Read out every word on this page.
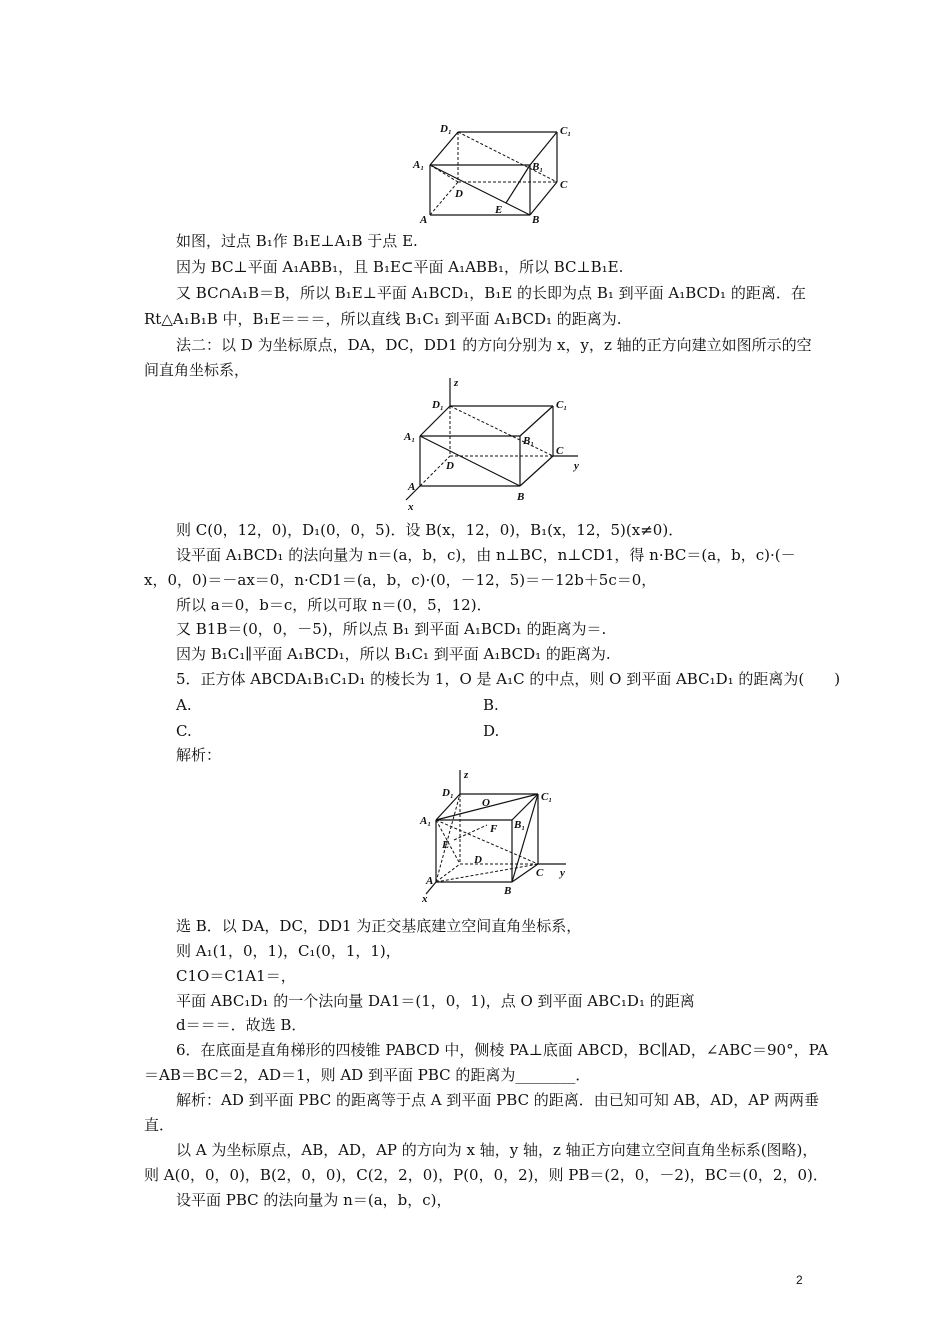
D₁	C₁
A₁	B₁
C
D
A
E
B
如图，过点 B₁作 B₁E⊥A₁B 于点 E.
因为 BC⊥平面 A₁ABB₁，且 B₁E⊂平面 A₁ABB₁，所以 BC⊥B₁E.
又 BC∩A₁B＝B，所以 B₁E⊥平面 A₁BCD₁，B₁E 的长即为点 B₁ 到平面 A₁BCD₁ 的距离．在
Rt△A₁B₁B 中，B₁E＝＝＝，所以直线 B₁C₁ 到平面 A₁BCD₁ 的距离为.
法二：以 D 为坐标原点，DA，DC，DD1 的方向分别为 x，y，z 轴的正方向建立如图所示的空
间直角坐标系，
z
D₁	C₁
A₁	B₁
C
D	y
A
x
B
则 C(0，12，0)，D₁(0，0，5)．设 B(x，12，0)，B₁(x，12，5)(x≠0)．
设平面 A₁BCD₁ 的法向量为 n＝(a，b，c)，由 n⊥BC，n⊥CD1，得 n·BC＝(a，b，c)·(－
x，0，0)＝－ax＝0，n·CD1＝(a，b，c)·(0，－12，5)＝－12b＋5c＝0，
所以 a＝0，b＝c，所以可取 n＝(0，5，12)．
又 B1B＝(0，0，－5)，所以点 B₁ 到平面 A₁BCD₁ 的距离为＝.
因为 B₁C₁∥平面 A₁BCD₁，所以 B₁C₁ 到平面 A₁BCD₁ 的距离为.
5．正方体 ABCDA₁B₁C₁D₁ 的棱长为 1，O 是 A₁C 的中点，则 O 到平面 ABC₁D₁ 的距离为(　　)
A.	B.
C.	D.
解析：
z
D₁
O	C₁
A₁
F B₁
E
D
A
C y
B
x
选 B．以 DA，DC，DD1 为正交基底建立空间直角坐标系，
则 A₁(1，0，1)，C₁(0，1，1)，
C1O＝C1A1＝，
平面 ABC₁D₁ 的一个法向量 DA1＝(1，0，1)，点 O 到平面 ABC₁D₁ 的距离
d＝＝＝．故选 B．
6．在底面是直角梯形的四棱锥 PABCD 中，侧棱 PA⊥底面 ABCD，BC∥AD，∠ABC＝90°，PA
＝AB＝BC＝2，AD＝1，则 AD 到平面 PBC 的距离为________．
解析：AD 到平面 PBC 的距离等于点 A 到平面 PBC 的距离．由已知可知 AB，AD，AP 两两垂
直．
以 A 为坐标原点，AB，AD，AP 的方向为 x 轴，y 轴，z 轴正方向建立空间直角坐标系(图略)，
则 A(0，0，0)，B(2，0，0)，C(2，2，0)，P(0，0，2)，则 PB＝(2，0，－2)，BC＝(0，2，0)．
设平面 PBC 的法向量为 n＝(a，b，c)，
2
